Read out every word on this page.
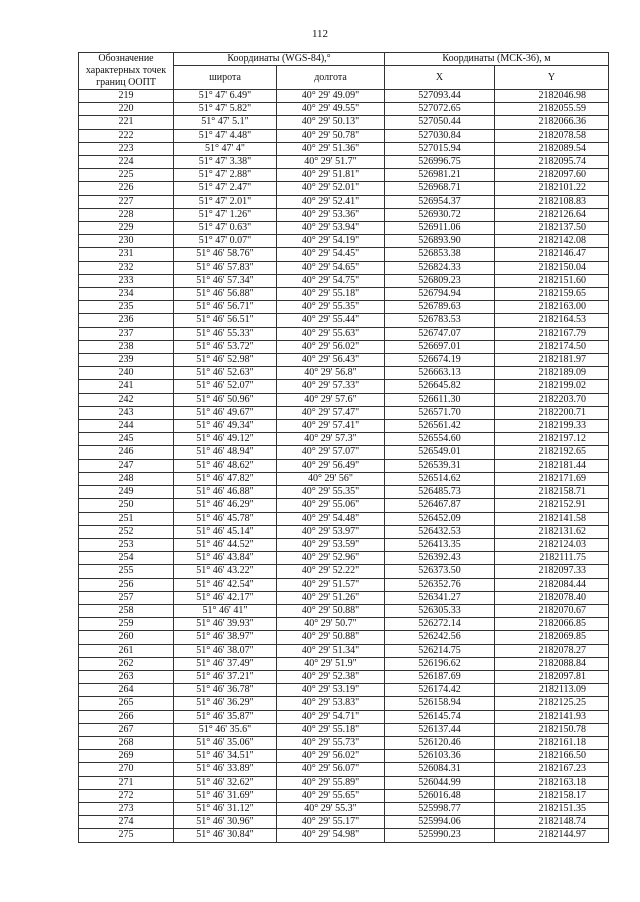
112
Обозначение
характерных точек
границ ООПТ	Координаты (WGS-84),°		Координаты (МСК-36), м	
	широта	долгота	X	Y

219	51° 47' 6.49"	40° 29' 49.09"	527093.44	2182046.98
220	51° 47' 5.82"	40° 29' 49.55"	527072.65	2182055.59
221	51° 47' 5.1"	40° 29' 50.13"	527050.44	2182066.36
222	51° 47' 4.48"	40° 29' 50.78"	527030.84	2182078.58
223	51° 47' 4"	40° 29' 51.36"	527015.94	2182089.54
224	51° 47' 3.38"	40° 29' 51.7"	526996.75	2182095.74
225	51° 47' 2.88"	40° 29' 51.81"	526981.21	2182097.60
226	51° 47' 2.47"	40° 29' 52.01"	526968.71	2182101.22
227	51° 47' 2.01"	40° 29' 52.41"	526954.37	2182108.83
228	51° 47' 1.26"	40° 29' 53.36"	526930.72	2182126.64
229	51° 47' 0.63"	40° 29' 53.94"	526911.06	2182137.50
230	51° 47' 0.07"	40° 29' 54.19"	526893.90	2182142.08
231	51° 46' 58.76"	40° 29' 54.45"	526853.38	2182146.47
232	51° 46' 57.83"	40° 29' 54.65"	526824.33	2182150.04
233	51° 46' 57.34"	40° 29' 54.75"	526809.23	2182151.60
234	51° 46' 56.88"	40° 29' 55.18"	526794.94	2182159.65
235	51° 46' 56.71"	40° 29' 55.35"	526789.63	2182163.00
236	51° 46' 56.51"	40° 29' 55.44"	526783.53	2182164.53
237	51° 46' 55.33"	40° 29' 55.63"	526747.07	2182167.79
238	51° 46' 53.72"	40° 29' 56.02"	526697.01	2182174.50
239	51° 46' 52.98"	40° 29' 56.43"	526674.19	2182181.97
240	51° 46' 52.63"	40° 29' 56.8"	526663.13	2182189.09
241	51° 46' 52.07"	40° 29' 57.33"	526645.82	2182199.02
242	51° 46' 50.96"	40° 29' 57.6"	526611.30	2182203.70
243	51° 46' 49.67"	40° 29' 57.47"	526571.70	2182200.71
244	51° 46' 49.34"	40° 29' 57.41"	526561.42	2182199.33
245	51° 46' 49.12"	40° 29' 57.3"	526554.60	2182197.12
246	51° 46' 48.94"	40° 29' 57.07"	526549.01	2182192.65
247	51° 46' 48.62"	40° 29' 56.49"	526539.31	2182181.44
248	51° 46' 47.82"	40° 29' 56"	526514.62	2182171.69
249	51° 46' 46.88"	40° 29' 55.35"	526485.73	2182158.71
250	51° 46' 46.29"	40° 29' 55.06"	526467.87	2182152.91
251	51° 46' 45.78"	40° 29' 54.48"	526452.09	2182141.58
252	51° 46' 45.14"	40° 29' 53.97"	526432.53	2182131.62
253	51° 46' 44.52"	40° 29' 53.59"	526413.35	2182124.03
254	51° 46' 43.84"	40° 29' 52.96"	526392.43	2182111.75
255	51° 46' 43.22"	40° 29' 52.22"	526373.50	2182097.33
256	51° 46' 42.54"	40° 29' 51.57"	526352.76	2182084.44
257	51° 46' 42.17"	40° 29' 51.26"	526341.27	2182078.40
258	51° 46' 41"	40° 29' 50.88"	526305.33	2182070.67
259	51° 46' 39.93"	40° 29' 50.7"	526272.14	2182066.85
260	51° 46' 38.97"	40° 29' 50.88"	526242.56	2182069.85
261	51° 46' 38.07"	40° 29' 51.34"	526214.75	2182078.27
262	51° 46' 37.49"	40° 29' 51.9"	526196.62	2182088.84
263	51° 46' 37.21"	40° 29' 52.38"	526187.69	2182097.81
264	51° 46' 36.78"	40° 29' 53.19"	526174.42	2182113.09
265	51° 46' 36.29"	40° 29' 53.83"	526158.94	2182125.25
266	51° 46' 35.87"	40° 29' 54.71"	526145.74	2182141.93
267	51° 46' 35.6"	40° 29' 55.18"	526137.44	2182150.78
268	51° 46' 35.06"	40° 29' 55.73"	526120.46	2182161.18
269	51° 46' 34.51"	40° 29' 56.02"	526103.36	2182166.50
270	51° 46' 33.89"	40° 29' 56.07"	526084.31	2182167.23
271	51° 46' 32.62"	40° 29' 55.89"	526044.99	2182163.18
272	51° 46' 31.69"	40° 29' 55.65"	526016.48	2182158.17
273	51° 46' 31.12"	40° 29' 55.3"	525998.77	2182151.35
274	51° 46' 30.96"	40° 29' 55.17"	525994.06	2182148.74
275	51° 46' 30.84"	40° 29' 54.98"	525990.23	2182144.97
